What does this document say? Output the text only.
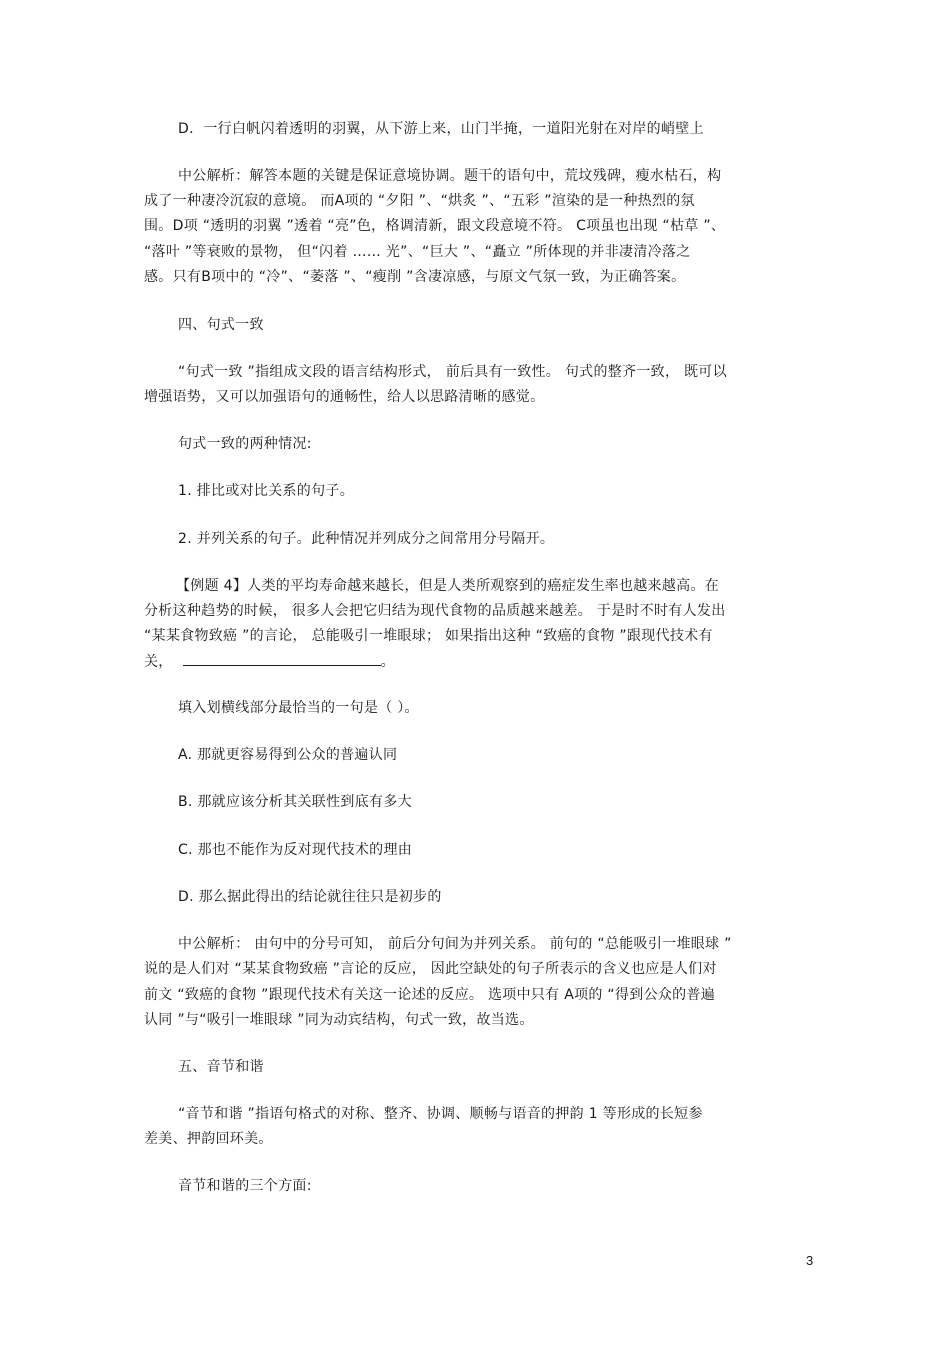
D．一行白帆闪着透明的羽翼，从下游上来，山门半掩，一道阳光射在对岸的峭壁上
中公解析：解答本题的关键是保证意境协调。题干的语句中，荒坟残碑，瘦水枯石，构
成了一种凄冷沉寂的意境。 而A项的 “夕阳 ”、“烘炙 ”、“五彩 ”渲染的是一种热烈的氛
围。D项 “透明的羽翼 ”透着 “亮”色，格调清新，跟文段意境不符。 C项虽也出现 “枯草 ”、
“落叶 ”等衰败的景物， 但“闪着 …… 光”、“巨大 ”、“矗立 ”所体现的并非凄清冷落之
感。只有B项中的 “冷”、“萎落 ”、“瘦削 ”含凄凉感，与原文气氛一致，为正确答案。
四、句式一致
“句式一致 ”指组成文段的语言结构形式， 前后具有一致性。 句式的整齐一致， 既可以
增强语势，又可以加强语句的通畅性，给人以思路清晰的感觉。
句式一致的两种情况:
1. 排比或对比关系的句子。
2. 并列关系的句子。此种情况并列成分之间常用分号隔开。
【例题 4】人类的平均寿命越来越长，但是人类所观察到的癌症发生率也越来越高。在
分析这种趋势的时候， 很多人会把它归结为现代食物的品质越来越差。 于是时不时有人发出
“某某食物致癌 ”的言论， 总能吸引一堆眼球； 如果指出这种 “致癌的食物 ”跟现代技术有
关，	。
填入划横线部分最恰当的一句是（ ）。
A. 那就更容易得到公众的普遍认同
B. 那就应该分析其关联性到底有多大
C. 那也不能作为反对现代技术的理由
D. 那么据此得出的结论就往往只是初步的
中公解析： 由句中的分号可知， 前后分句间为并列关系。 前句的 “总能吸引一堆眼球 ”
说的是人们对 “某某食物致癌 ”言论的反应， 因此空缺处的句子所表示的含义也应是人们对
前文 “致癌的食物 ”跟现代技术有关这一论述的反应。 选项中只有 A项的 “得到公众的普遍
认同 ”与“吸引一堆眼球 ”同为动宾结构，句式一致，故当选。
五、音节和谐
“音节和谐 ”指语句格式的对称、整齐、协调、顺畅与语音的押韵 1 等形成的长短参
差美、押韵回环美。
音节和谐的三个方面:
3
